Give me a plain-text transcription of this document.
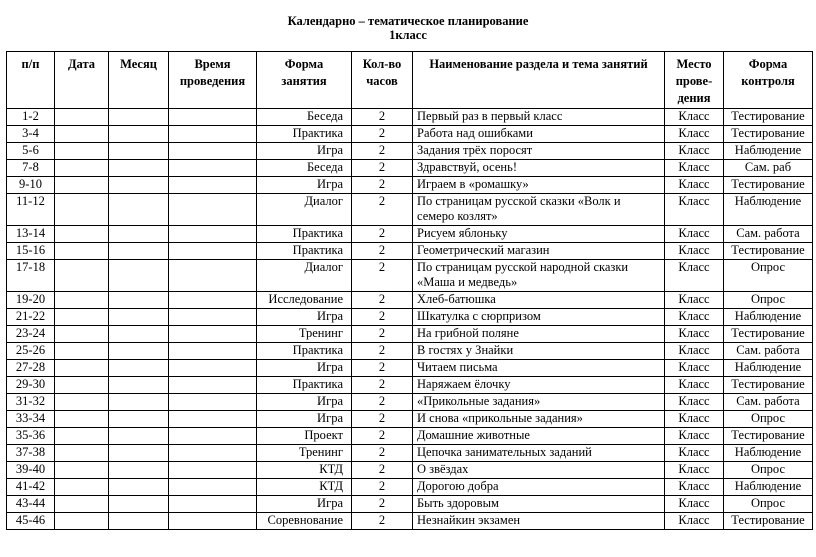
Календарно – тематическое планирование
1класс
п/п	Дата	Месяц	Время проведения	Форма занятия	Кол-во часов	Наименование раздела и тема занятий	Место прове-дения	Форма контроля
1-2				Беседа	2	Первый раз в первый класс	Класс	Тестирование
3-4				Практика	2	Работа над ошибками	Класс	Тестирование
5-6				Игра	2	Задания трёх поросят	Класс	Наблюдение
7-8				Беседа	2	Здравствуй, осень!	Класс	Сам. раб
9-10				Игра	2	Играем в «ромашку»	Класс	Тестирование
11-12				Диалог	2	По страницам русской сказки «Волк и семеро козлят»	Класс	Наблюдение
13-14				Практика	2	Рисуем яблоньку	Класс	Сам. работа
15-16				Практика	2	Геометрический магазин	Класс	Тестирование
17-18				Диалог	2	По страницам русской народной сказки «Маша и медведь»	Класс	Опрос
19-20				Исследование	2	Хлеб-батюшка	Класс	Опрос
21-22				Игра	2	Шкатулка с сюрпризом	Класс	Наблюдение
23-24				Тренинг	2	На грибной поляне	Класс	Тестирование
25-26				Практика	2	В гостях у Знайки	Класс	Сам. работа
27-28				Игра	2	Читаем письма	Класс	Наблюдение
29-30				Практика	2	Наряжаем ёлочку	Класс	Тестирование
31-32				Игра	2	«Прикольные задания»	Класс	Сам. работа
33-34				Игра	2	И снова «прикольные задания»	Класс	Опрос
35-36				Проект	2	Домашние животные	Класс	Тестирование
37-38				Тренинг	2	Цепочка занимательных заданий	Класс	Наблюдение
39-40				КТД	2	О звёздах	Класс	Опрос
41-42				КТД	2	Дорогою добра	Класс	Наблюдение
43-44				Игра	2	Быть здоровым	Класс	Опрос
45-46				Соревнование	2	Незнайкин экзамен	Класс	Тестирование
